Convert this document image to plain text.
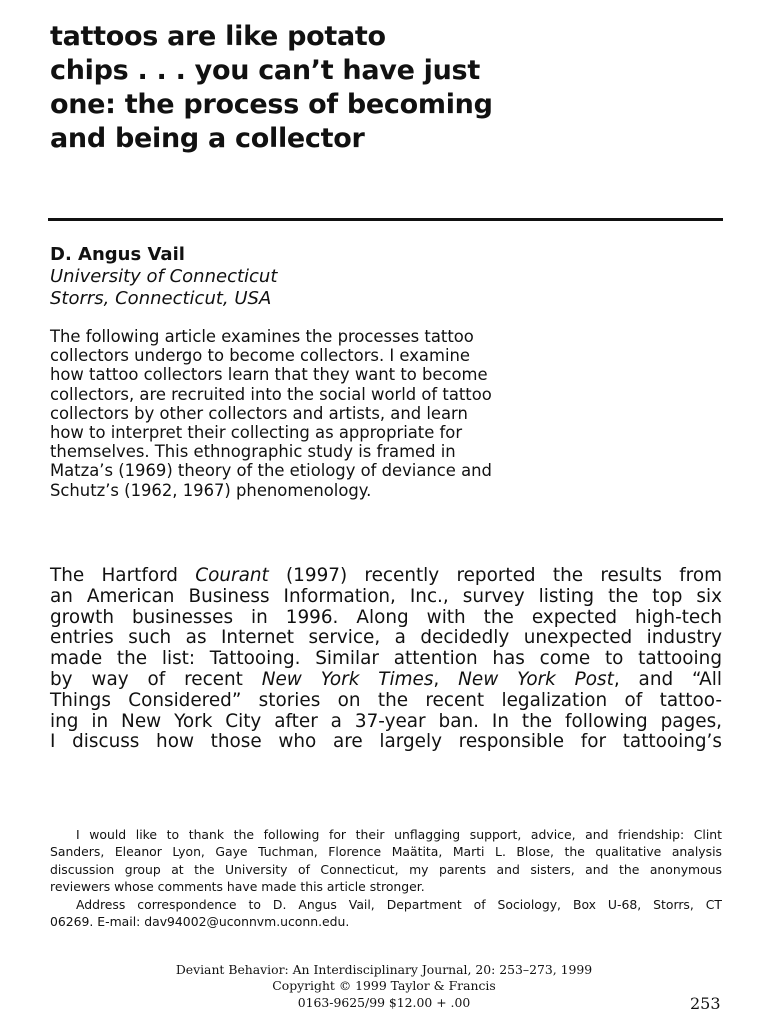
tattoos are like potato
chips . . . you can’t have just
one: the process of becoming
and being a collector
D. Angus Vail
University of Connecticut
Storrs, Connecticut, USA
The following article examines the processes tattoo
collectors undergo to become collectors. I examine
how tattoo collectors learn that they want to become
collectors, are recruited into the social world of tattoo
collectors by other collectors and artists, and learn
how to interpret their collecting as appropriate for
themselves. This ethnographic study is framed in
Matza’s (1969) theory of the etiology of deviance and
Schutz’s (1962, 1967) phenomenology.
The Hartford Courant (1997) recently reported the results from
an American Business Information, Inc., survey listing the top six
growth businesses in 1996. Along with the expected high-tech
entries such as Internet service, a decidedly unexpected industry
made the list: Tattooing. Similar attention has come to tattooing
by way of recent New York Times, New York Post, and “All
Things Considered” stories on the recent legalization of tattoo-
ing in New York City after a 37-year ban. In the following pages,
I discuss how those who are largely responsible for tattooing’s
I would like to thank the following for their unflagging support, advice, and friendship: Clint
Sanders, Eleanor Lyon, Gaye Tuchman, Florence Maätita, Marti L. Blose, the qualitative analysis
discussion group at the University of Connecticut, my parents and sisters, and the anonymous
reviewers whose comments have made this article stronger.
Address correspondence to D. Angus Vail, Department of Sociology, Box U-68, Storrs, CT
06269. E-mail: dav94002@uconnvm.uconn.edu.
Deviant Behavior: An Interdisciplinary Journal, 20: 253–273, 1999
Copyright © 1999 Taylor & Francis
0163-9625/99 $12.00 + .00	253
